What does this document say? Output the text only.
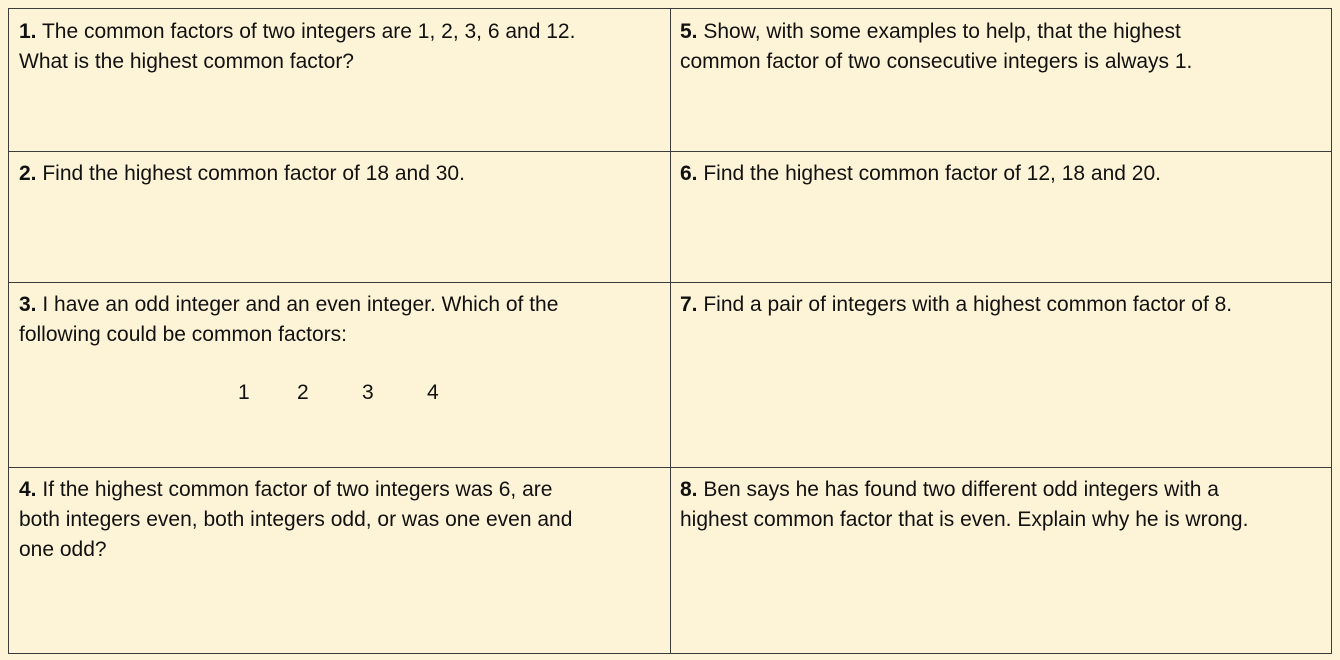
1. The common factors of two integers are 1, 2, 3, 6 and 12.
What is the highest common factor?
2. Find the highest common factor of 18 and 30.
3. I have an odd integer and an even integer. Which of the
following could be common factors:
1 2	3	4
4. If the highest common factor of two integers was 6, are
both integers even, both integers odd, or was one even and
one odd?
5. Show, with some examples to help, that the highest
common factor of two consecutive integers is always 1.
6. Find the highest common factor of 12, 18 and 20.
7. Find a pair of integers with a highest common factor of 8.
8. Ben says he has found two different odd integers with a
highest common factor that is even. Explain why he is wrong.
